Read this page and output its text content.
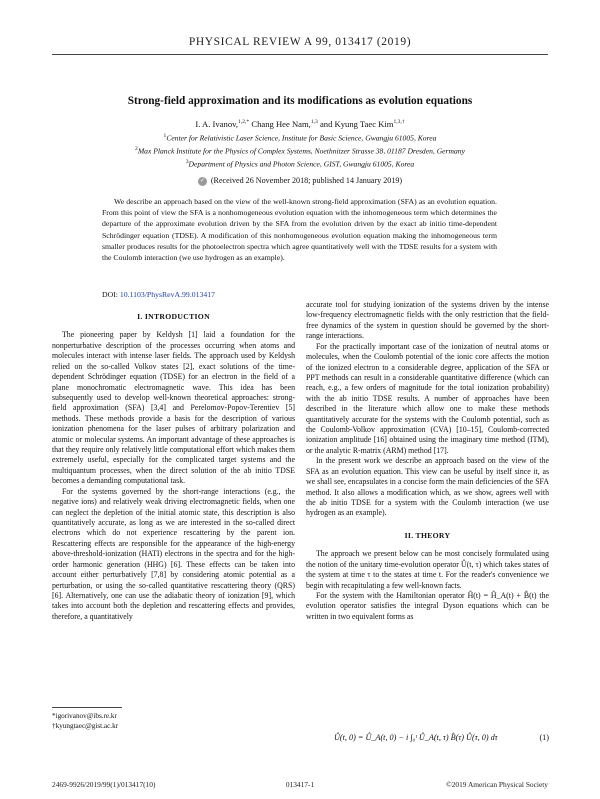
PHYSICAL REVIEW A 99, 013417 (2019)
Strong-field approximation and its modifications as evolution equations
I. A. Ivanov,$^{1,2,*}$ Chang Hee Nam,$^{1,3}$ and Kyung Taec Kim$^{1,3,\dagger}$
$^1$Center for Relativistic Laser Science, Institute for Basic Science, Gwangju 61005, Korea
$^2$Max Planck Institute for the Physics of Complex Systems, Noethnitzer Strasse 38, 01187 Dresden, Germany
$^3$Department of Physics and Photon Science, GIST, Gwangju 61005, Korea
✓ (Received 26 November 2018; published 14 January 2019)
We describe an approach based on the view of the well-known strong-field approximation (SFA) as an evolution equation. From this point of view the SFA is a nonhomogeneous evolution equation with the inhomogeneous term which determines the departure of the approximate evolution driven by the SFA from the evolution driven by the exact ab initio time-dependent Schrödinger equation (TDSE). A modification of this nonhomogeneous evolution equation making the inhomogeneous term smaller produces results for the photoelectron spectra which agree quantitatively well with the TDSE results for a system with the Coulomb interaction (we use hydrogen as an example).
DOI: 10.1103/PhysRevA.99.013417
I. INTRODUCTION

The pioneering paper by Keldysh [1] laid a foundation for the nonperturbative description of the processes occurring when atoms and molecules interact with intense laser fields. The approach used by Keldysh relied on the so-called Volkov states [2], exact solutions of the time-dependent Schrödinger equation (TDSE) for an electron in the field of a plane monochromatic electromagnetic wave. This idea has been subsequently used to develop well-known theoretical approaches: strong-field approximation (SFA) [3,4] and Perelomov-Popov-Terentiev [5] methods. These methods provide a basis for the description of various ionization phenomena for the laser pulses of arbitrary polarization and atomic or molecular systems. An important advantage of these approaches is that they require only relatively little computational effort which makes them extremely useful, especially for the complicated target systems and the multiquantum processes, when the direct solution of the ab initio TDSE becomes a demanding computational task.

For the systems governed by the short-range interactions (e.g., the negative ions) and relatively weak driving electromagnetic fields, when one can neglect the depletion of the initial atomic state, this description is also quantitatively accurate, as long as we are interested in the so-called direct electrons which do not experience rescattering by the parent ion. Rescattering effects are responsible for the appearance of the high-energy above-threshold-ionization (HATI) electrons in the spectra and for the high-order harmonic generation (HHG) [6]. These effects can be taken into account either perturbatively [7,8] by considering atomic potential as a perturbation, or using the so-called quantitative rescattering theory (QRS) [6]. Alternatively, one can use the adiabatic theory of ionization [9], which takes into account both the depletion and rescattering effects and provides, therefore, a quantitatively

accurate tool for studying ionization of the systems driven by the intense low-frequency electromagnetic fields with the only restriction that the field-free dynamics of the system in question should be governed by the short-range interactions.

For the practically important case of the ionization of neutral atoms or molecules, when the Coulomb potential of the ionic core affects the motion of the ionized electron to a considerable degree, application of the SFA or PPT methods can result in a considerable quantitative difference (which can reach, e.g., a few orders of magnitude for the total ionization probability) with the ab initio TDSE results. A number of approaches have been described in the literature which allow one to make these methods quantitatively accurate for the systems with the Coulomb potential, such as the Coulomb-Volkov approximation (CVA) [10–15], Coulomb-corrected ionization amplitude [16] obtained using the imaginary time method (ITM), or the analytic R-matrix (ARM) method [17].

In the present work we describe an approach based on the view of the SFA as an evolution equation. This view can be useful by itself since it, as we shall see, encapsulates in a concise form the main deficiencies of the SFA method. It also allows a modification which, as we show, agrees well with the ab initio TDSE for a system with the Coulomb interaction (we use hydrogen as an example).

II. THEORY

The approach we present below can be most concisely formulated using the notion of the unitary time-evolution operator Û(t, τ) which takes states of the system at time τ to the states at time t. For the reader's convenience we begin with recapitulating a few well-known facts.

For the system with the Hamiltonian operator Ĥ(t) = Ĥ_A(t) + B̂(t) the evolution operator satisfies the integral Dyson equations which can be written in two equivalent forms as

Û(t, 0) = Û_A(t, 0) − i ∫₀ᵗ Û_A(t, τ) B̂(τ) Û(τ, 0) dτ	(1)
*igorivanov@ibs.re.kr
†kyungtaec@gist.ac.kr
2469-9926/2019/99(1)/013417(10)	013417-1	©2019 American Physical Society
